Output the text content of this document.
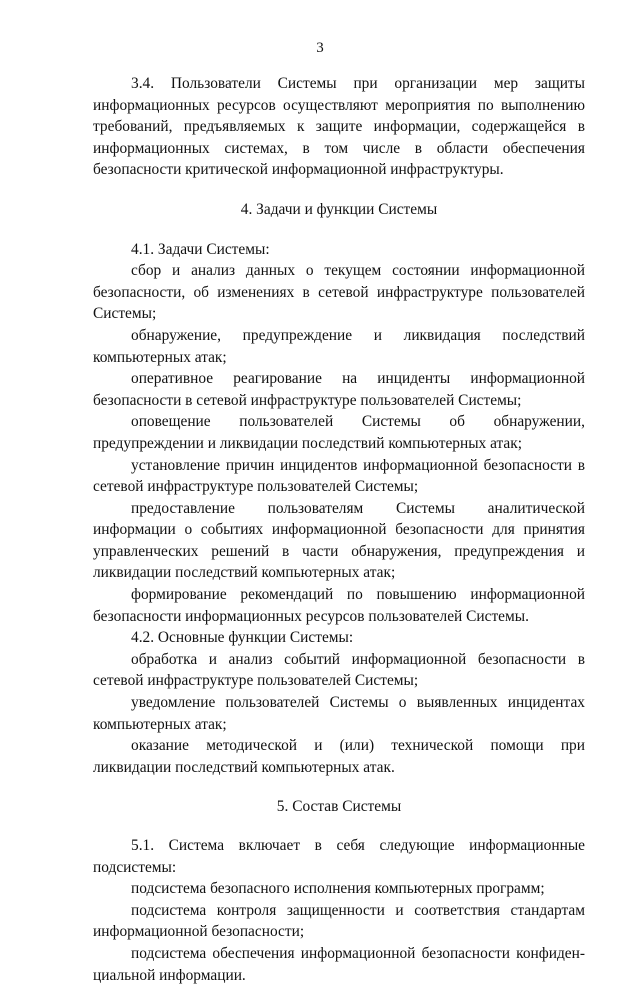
3

3.4. Пользователи Системы при организации мер защиты информационных ресурсов осуществляют мероприятия по выполнению требований, предъявляемых к защите информации, содержащейся в информационных системах, в том числе в области обеспечения безопасности критической информационной инфраструктуры.

4. Задачи и функции Системы

4.1. Задачи Системы:

сбор и анализ данных о текущем состоянии информационной безопасности, об изменениях в сетевой инфраструктуре пользователей Системы;

обнаружение, предупреждение и ликвидация последствий компьютерных атак;

оперативное реагирование на инциденты информационной безопасности в сетевой инфраструктуре пользователей Системы;

оповещение пользователей Системы об обнаружении, предупреждении и ликвидации последствий компьютерных атак;

установление причин инцидентов информационной безопасности в сетевой инфраструктуре пользователей Системы;

предоставление пользователям Системы аналитической информации о событиях информационной безопасности для принятия управленческих решений в части обнаружения, предупреждения и ликвидации последствий компьютерных атак;

формирование рекомендаций по повышению информационной безопасности информационных ресурсов пользователей Системы.

4.2. Основные функции Системы:

обработка и анализ событий информационной безопасности в сетевой инфраструктуре пользователей Системы;

уведомление пользователей Системы о выявленных инцидентах компьютерных атак;

оказание методической и (или) технической помощи при ликвидации последствий компьютерных атак.

5. Состав Системы

5.1. Система включает в себя следующие информационные подсистемы:

подсистема безопасного исполнения компьютерных программ;

подсистема контроля защищенности и соответствия стандартам информационной безопасности;

подсистема обеспечения информационной безопасности конфиден-циальной информации.
